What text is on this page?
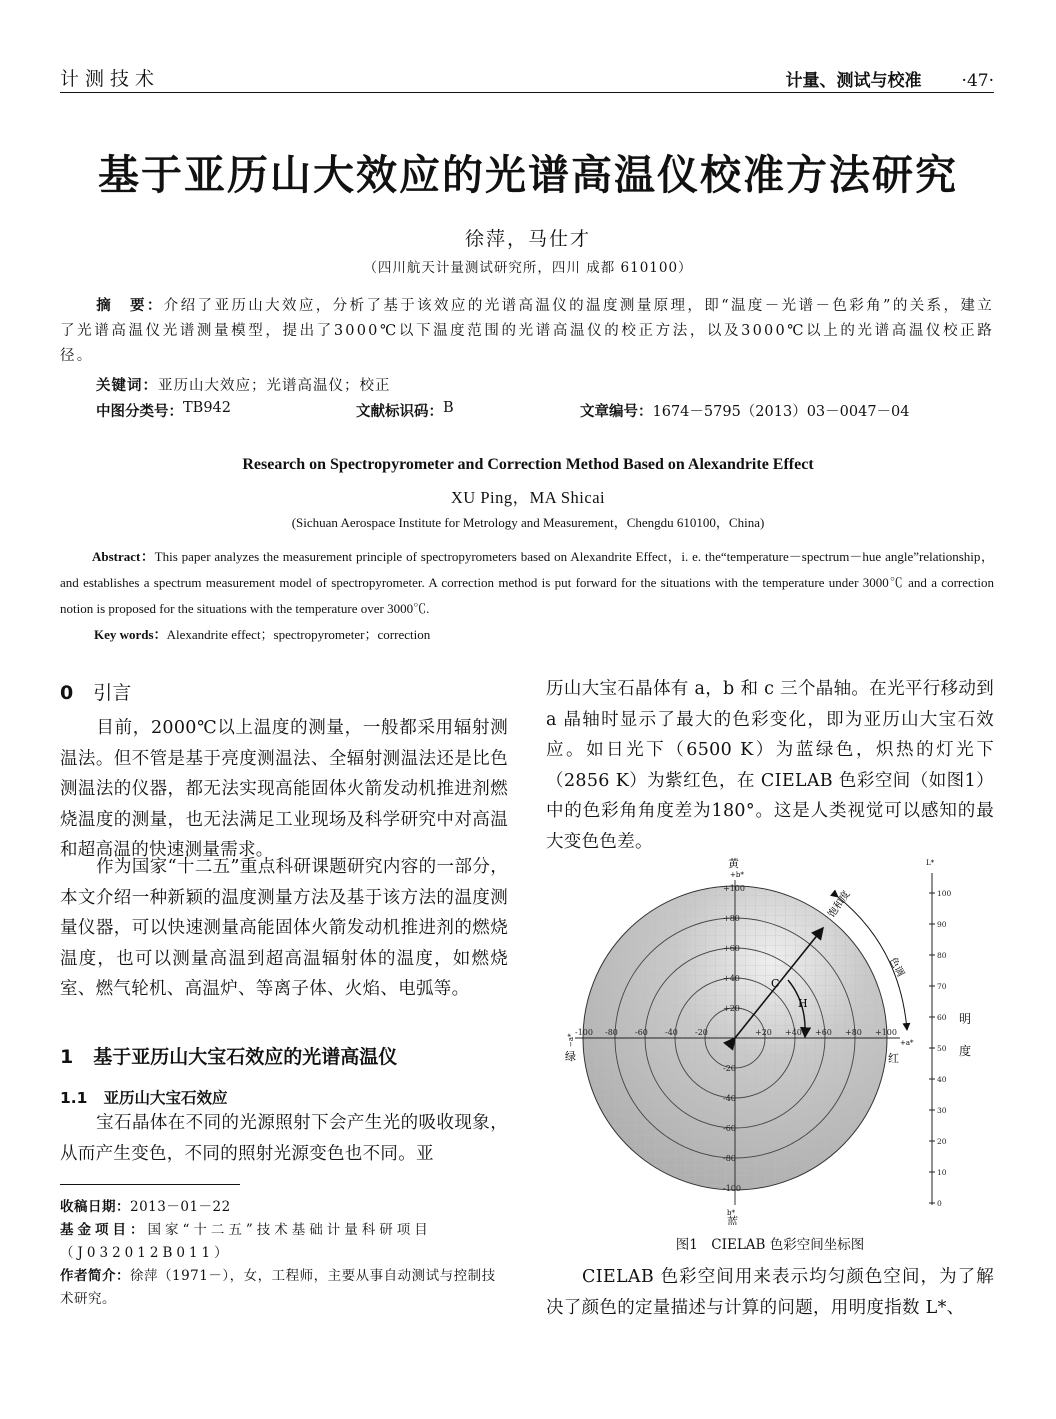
计测技术	计量、测试与校准 ·47·
基于亚历山大效应的光谱高温仪校准方法研究
徐萍，马仕才
（四川航天计量测试研究所，四川 成都 610100）
摘　要：介绍了亚历山大效应，分析了基于该效应的光谱高温仪的温度测量原理，即“温度－光谱－色彩角”的关系，建立了光谱高温仪光谱测量模型，提出了3000℃以下温度范围的光谱高温仪的校正方法，以及3000℃以上的光谱高温仪校正路径。
关键词：亚历山大效应；光谱高温仪；校正
中图分类号： TB942	文献标识码： B	文章编号： 1674－5795（2013）03－0047－04
Research on Spectropyrometer and Correction Method Based on Alexandrite Effect
XU Ping，MA Shicai
(Sichuan Aerospace Institute for Metrology and Measurement，Chengdu 610100，China)
Abstract：This paper analyzes the measurement principle of spectropyrometers based on Alexandrite Effect，i. e. the“temperature－spectrum－hue angle”relationship，and establishes a spectrum measurement model of spectropyrometer. A correction method is put forward for the situations with the temperature under 3000℃ and a correction notion is proposed for the situations with the temperature over 3000℃.
Key words：Alexandrite effect；spectropyrometer；correction
0 引言
目前，2000℃以上温度的测量，一般都采用辐射测温法。但不管是基于亮度测温法、全辐射测温法还是比色测温法的仪器，都无法实现高能固体火箭发动机推进剂燃烧温度的测量，也无法满足工业现场及科学研究中对高温和超高温的快速测量需求。
作为国家“十二五”重点科研课题研究内容的一部分，本文介绍一种新颖的温度测量方法及基于该方法的温度测量仪器，可以快速测量高能固体火箭发动机推进剂的燃烧温度，也可以测量高温到超高温辐射体的温度，如燃烧室、燃气轮机、高温炉、等离子体、火焰、电弧等。
1 基于亚历山大宝石效应的光谱高温仪
1.1 亚历山大宝石效应
宝石晶体在不同的光源照射下会产生光的吸收现象，从而产生变色，不同的照射光源变色也不同。亚
收稿日期：2013－01－22
基金项目：国家“十二五”技术基础计量科研项目（J032012B011）
作者简介：徐萍（1971－），女，工程师，主要从事自动测试与控制技术研究。
历山大宝石晶体有 a，b 和 c 三个晶轴。在光平行移动到 a 晶轴时显示了最大的色彩变化，即为亚历山大宝石效应。如日光下（6500 K）为蓝绿色，炽热的灯光下（2856 K）为紫红色，在 CIELAB 色彩空间（如图1）中的色彩角角度差为180°。这是人类视觉可以感知的最大变色色差。
C
H
饱和度
色调
黄
+b*
b*
蓝
绿
−a*
红
+a*
+100
+80
+60
+40
+20
-20
-40
-60
-80
-100
-100 -80 -60 -40 -20	+20 +40 +60 +80 +100
L*
100
90
80
70
60
50
40
30
20
10
0
明
度
图1　CIELAB 色彩空间坐标图
CIELAB 色彩空间用来表示均匀颜色空间，为了解决了颜色的定量描述与计算的问题，用明度指数 L*、
